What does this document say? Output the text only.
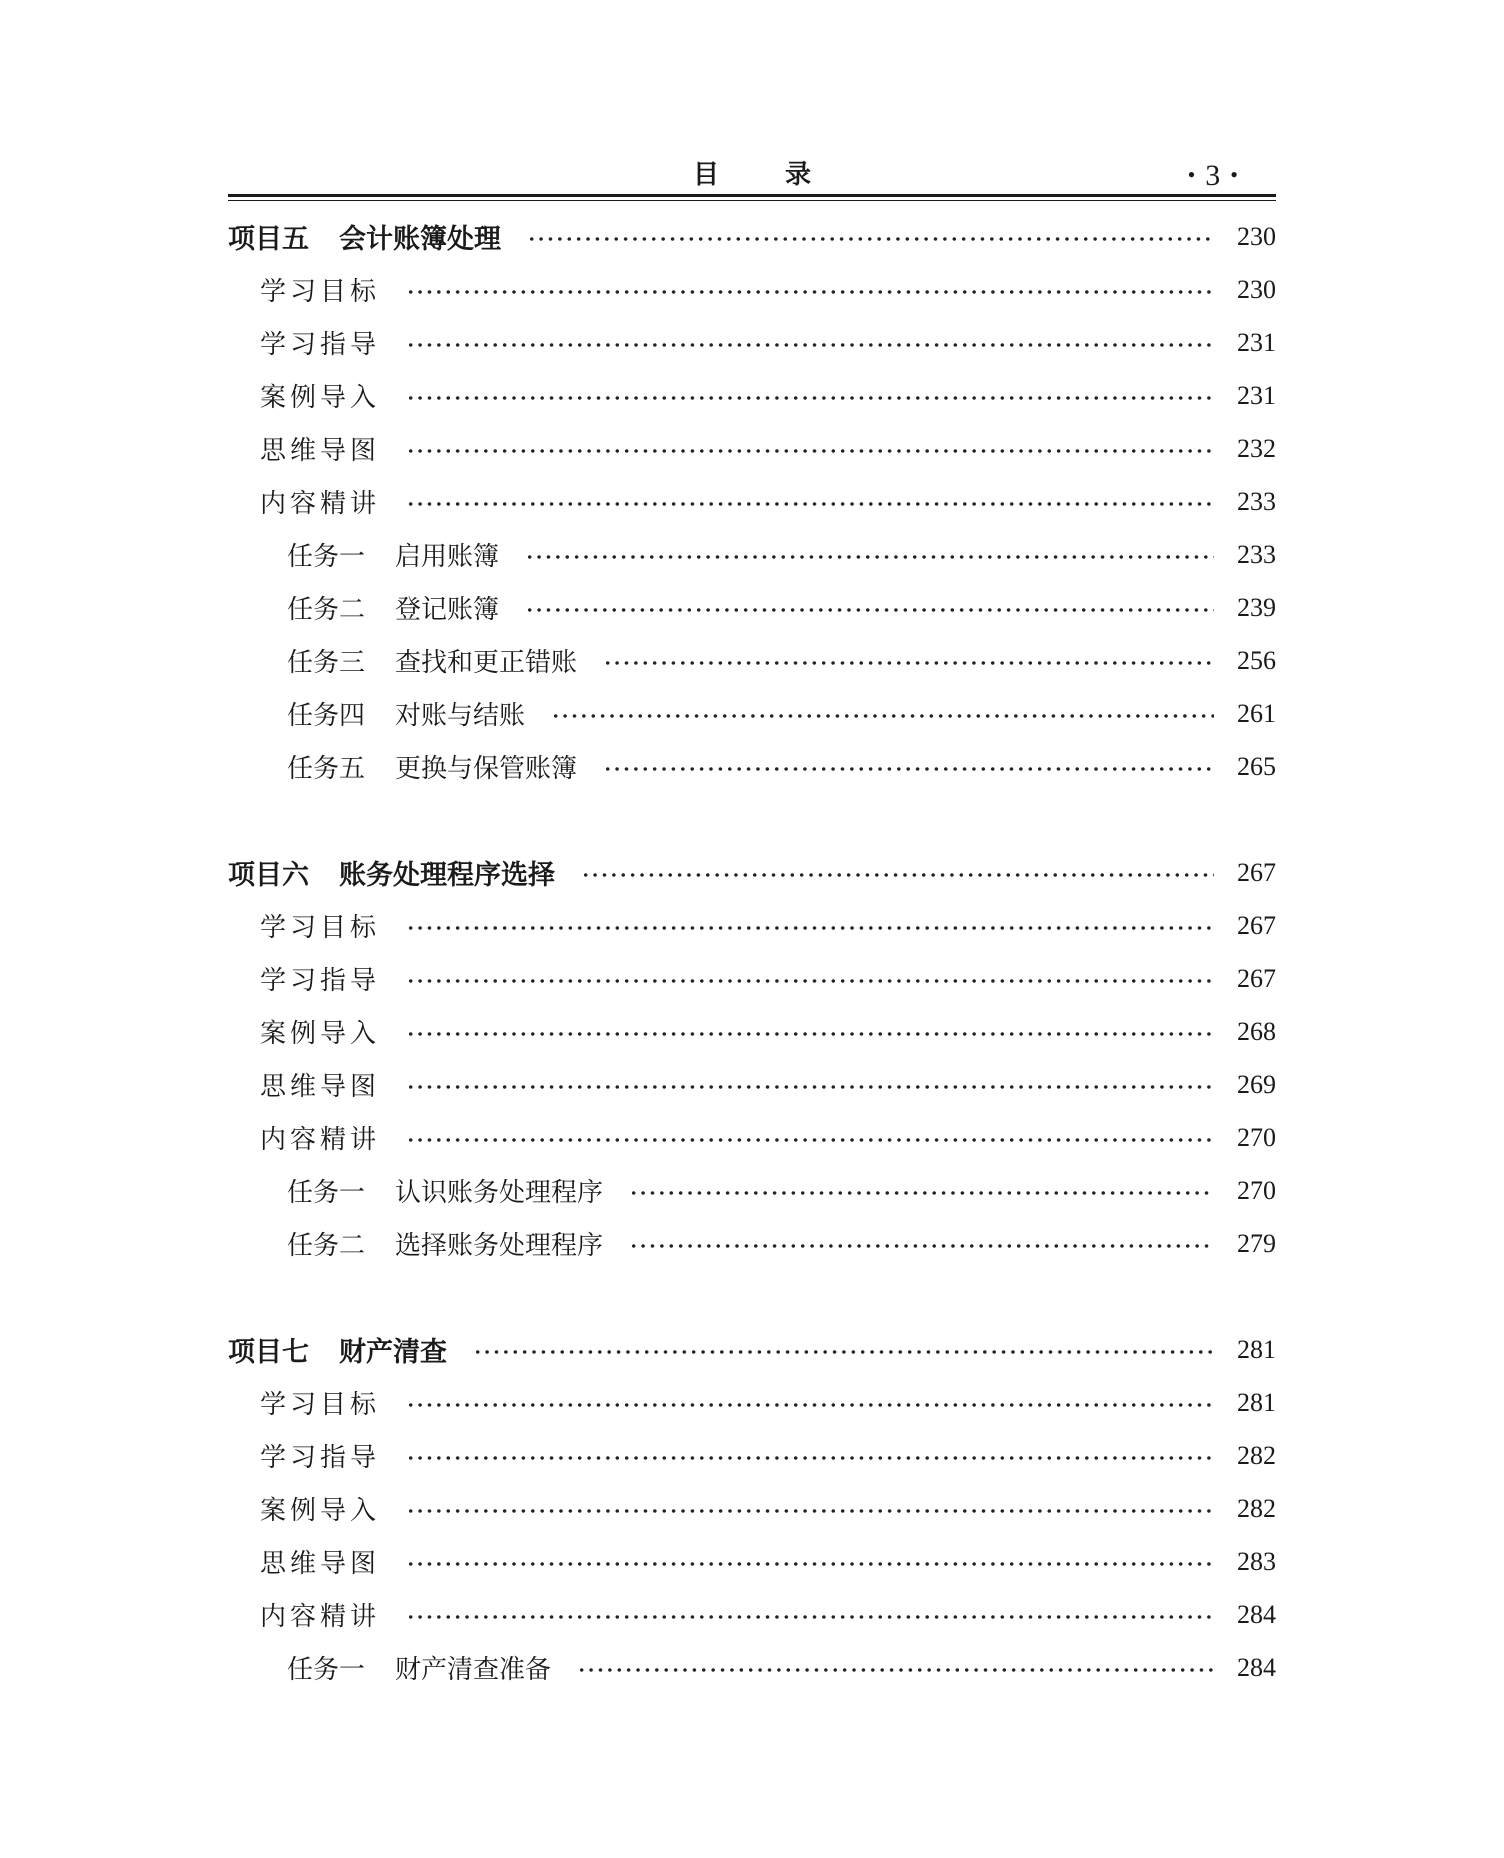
目录	• 3 •
项目五 会计账簿处理	230
学习目标	230
学习指导	231
案例导入	231
思维导图	232
内容精讲	233
任务一 启用账簿	233
任务二 登记账簿	239
任务三 查找和更正错账	256
任务四 对账与结账	261
任务五 更换与保管账簿	265
项目六 账务处理程序选择	267
学习目标	267
学习指导	267
案例导入	268
思维导图	269
内容精讲	270
任务一 认识账务处理程序	270
任务二 选择账务处理程序	279
项目七 财产清查	281
学习目标	281
学习指导	282
案例导入	282
思维导图	283
内容精讲	284
任务一 财产清查准备	284
